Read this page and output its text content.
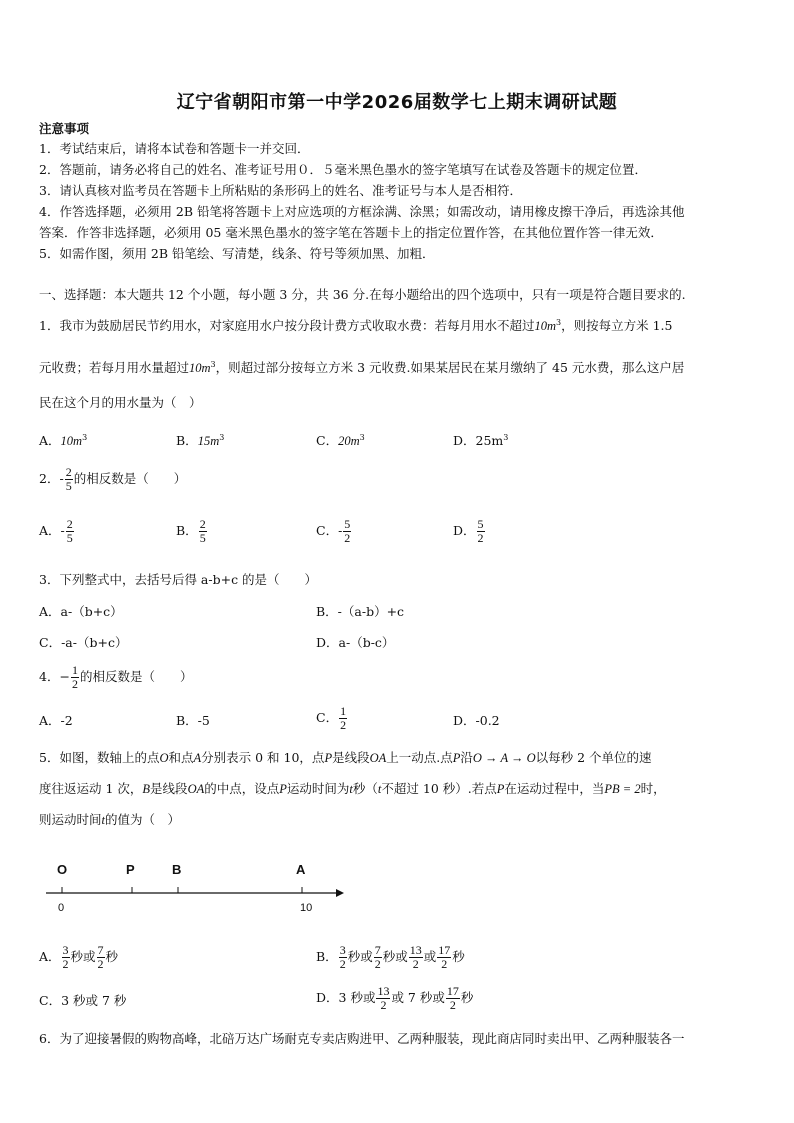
辽宁省朝阳市第一中学2026届数学七上期末调研试题
注意事项
1．考试结束后，请将本试卷和答题卡一并交回．
2．答题前，请务必将自己的姓名、准考证号用０．５毫米黑色墨水的签字笔填写在试卷及答题卡的规定位置．
3．请认真核对监考员在答题卡上所粘贴的条形码上的姓名、准考证号与本人是否相符．
4．作答选择题，必须用 2B 铅笔将答题卡上对应选项的方框涂满、涂黑；如需改动，请用橡皮擦干净后，再选涂其他
答案．作答非选择题，必须用 05 毫米黑色墨水的签字笔在答题卡上的指定位置作答，在其他位置作答一律无效．
5．如需作图，须用 2B 铅笔绘、写清楚，线条、符号等须加黑、加粗．
一、选择题：本大题共 12 个小题，每小题 3 分，共 36 分.在每小题给出的四个选项中，只有一项是符合题目要求的.
1．我市为鼓励居民节约用水，对家庭用水户按分段计费方式收取水费：若每月用水不超过$10m^3$，则按每立方米 1.5
元收费；若每月用水量超过$10m^3$，则超过部分按每立方米 3 元收费.如果某居民在某月缴纳了 45 元水费，那么这户居
民在这个月的用水量为（　）
A．$10m^3$	B．$15m^3$	C．$20m^3$	D．$25m^3$
2．- $\frac{2}{5}$ 的相反数是（　　）
A．- $\frac{2}{5}$	B． $\frac{2}{5}$	C．- $\frac{5}{2}$	D． $\frac{5}{2}$
3．下列整式中，去括号后得 a-b+c 的是（　　）
A．a-（b+c）	B．-（a-b）+c
C．-a-（b+c）	D．a-（b-c）
4．− $\frac{1}{2}$ 的相反数是（　　）
A．-2	B．-5	C． $\frac{1}{2}$	D．-0.2
5．如图，数轴上的点O和点A分别表示 0 和 10，点P是线段OA上一动点.点P沿O → A → O以每秒 2 个单位的速
度往返运动 1 次，B是线段OA的中点，设点P运动时间为t秒（t不超过 10 秒）.若点P在运动过程中，当PB = 2时，
则运动时间t的值为（　）
O	P	B	A
0	10
A． $\frac{3}{2}$ 秒或 $\frac{7}{2}$ 秒	B． $\frac{3}{2}$ 秒或 $\frac{7}{2}$ 秒或 $\frac{13}{2}$ 或 $\frac{17}{2}$ 秒
C．3 秒或 7 秒	D．3 秒或 $\frac{13}{2}$ 或 7 秒或 $\frac{17}{2}$ 秒
6．为了迎接暑假的购物高峰，北碚万达广场耐克专卖店购进甲、乙两种服装，现此商店同时卖出甲、乙两种服装各一
